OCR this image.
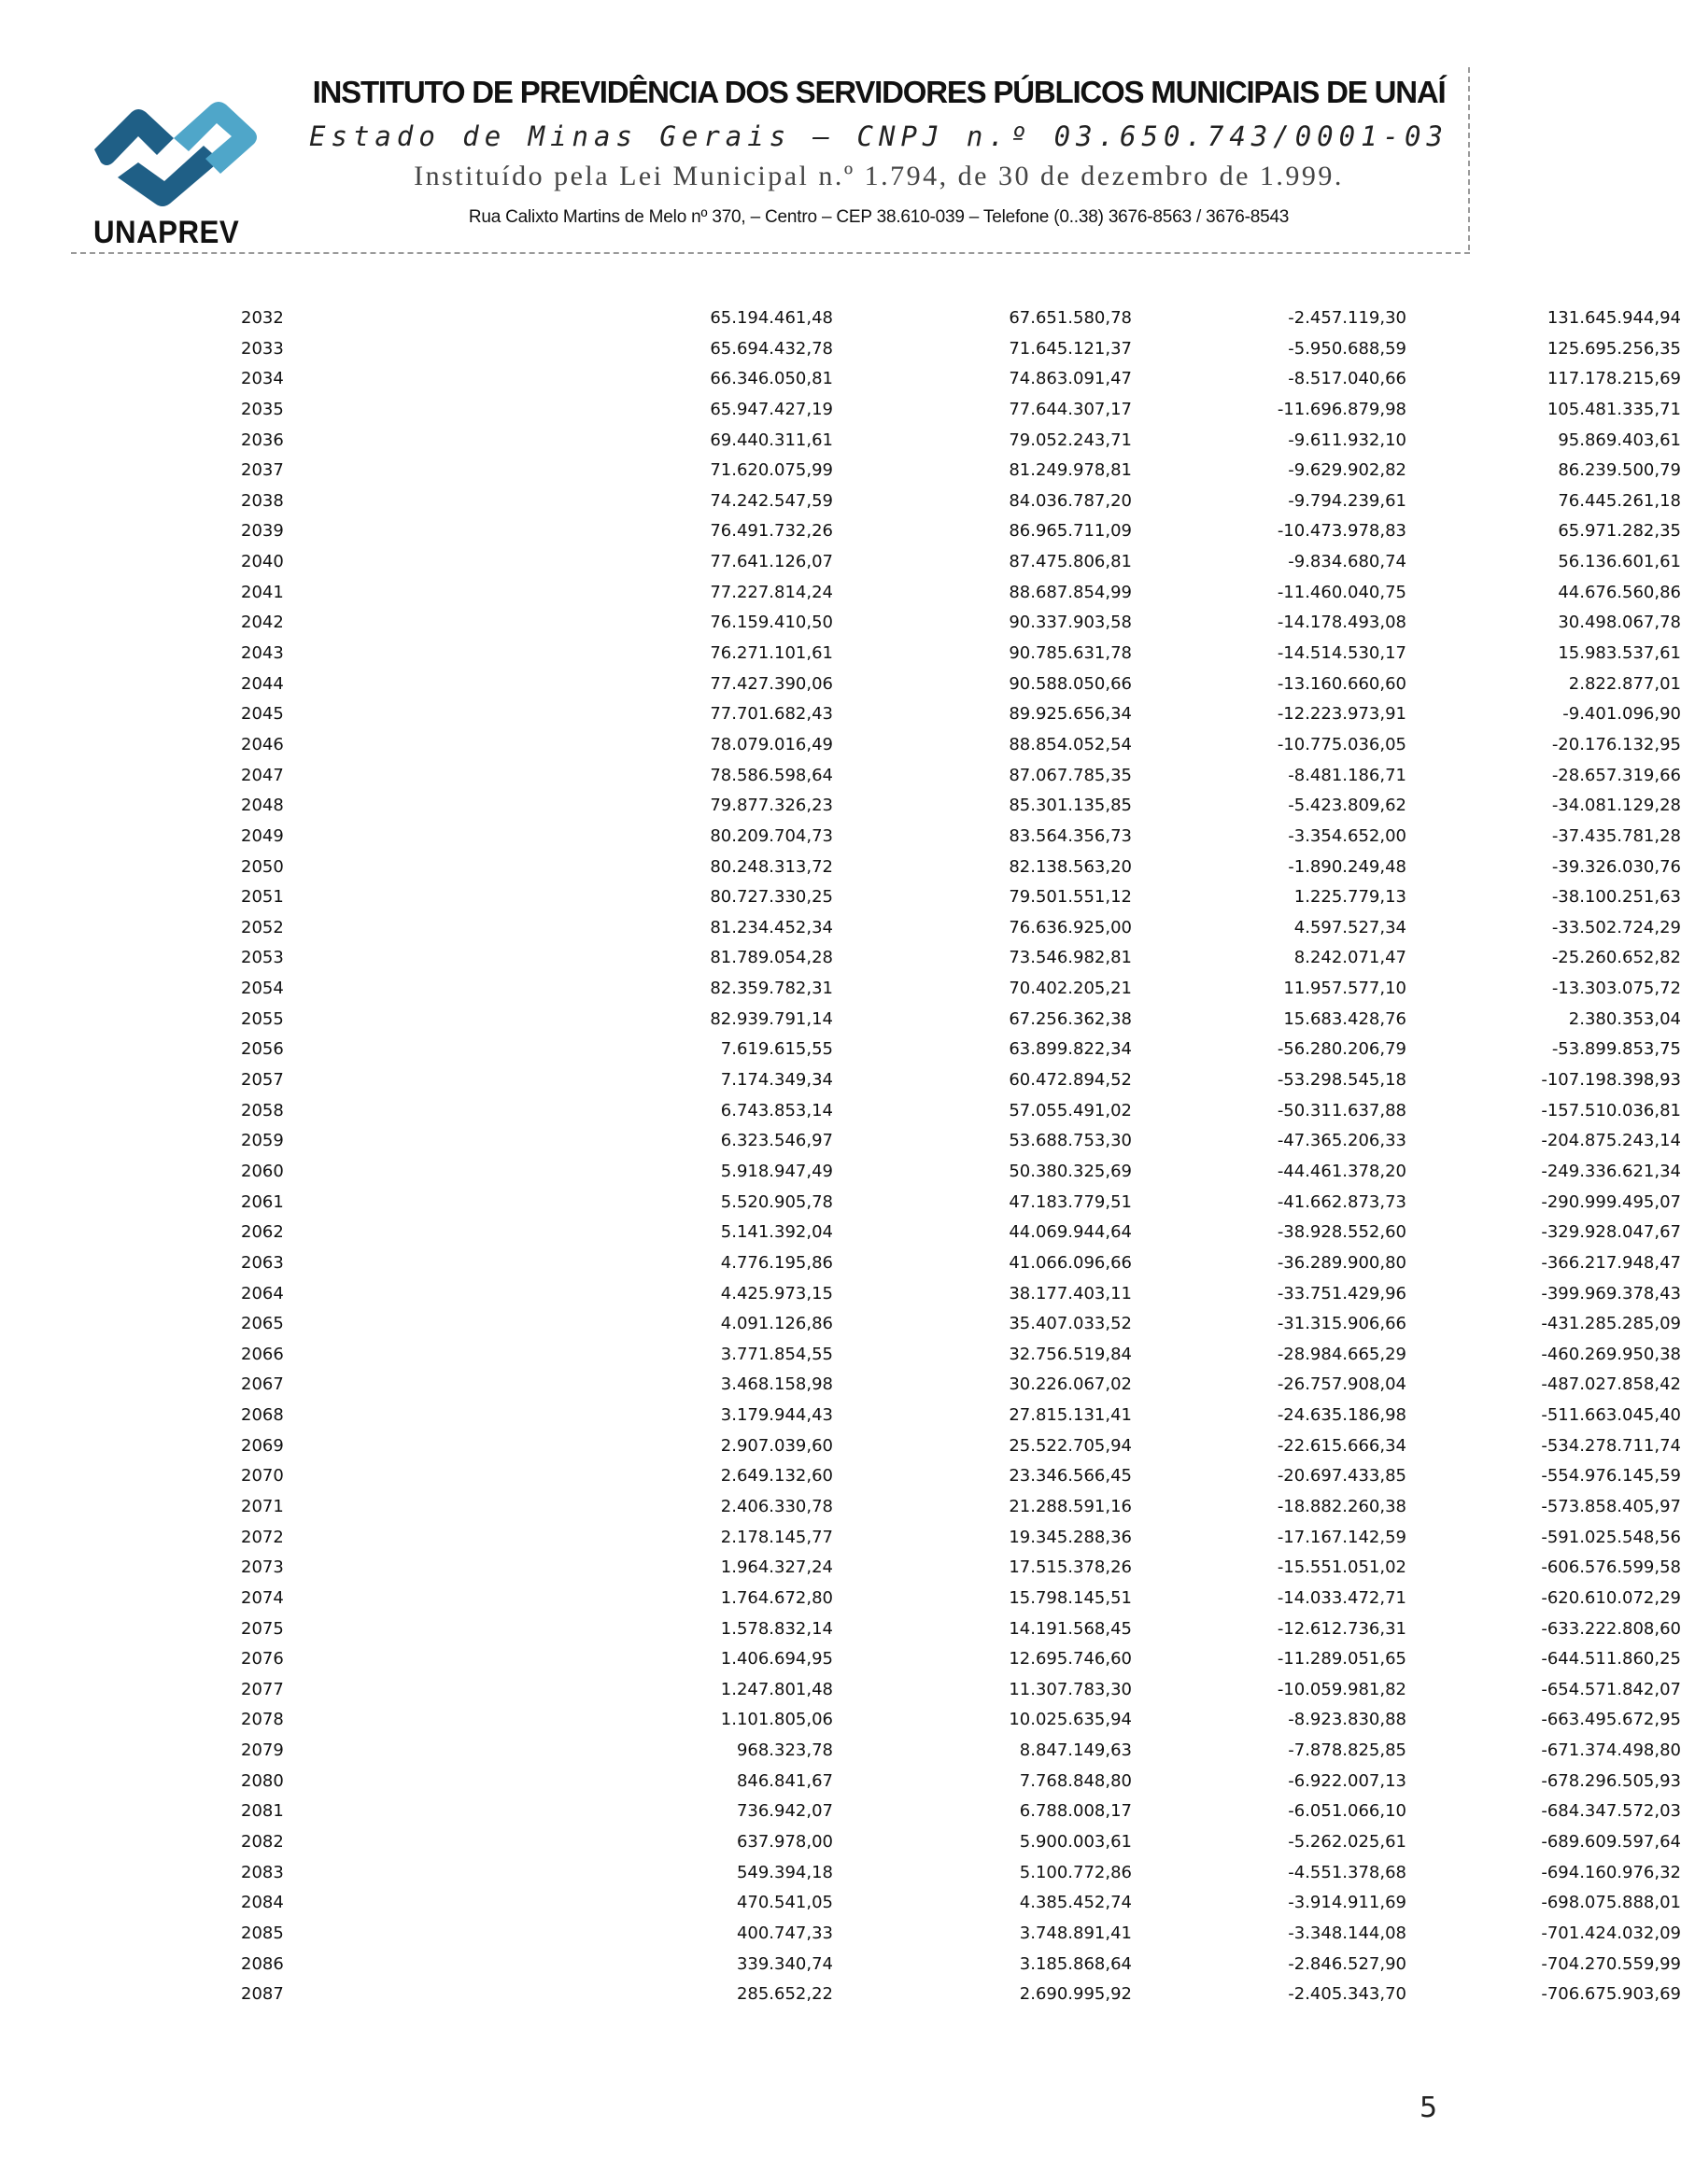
UNAPREV
INSTITUTO DE PREVIDÊNCIA DOS SERVIDORES PÚBLICOS MUNICIPAIS DE UNAÍ
Estado de Minas Gerais – CNPJ n.º 03.650.743/0001-03
Instituído pela Lei Municipal n.º 1.794, de 30 de dezembro de 1.999.
Rua Calixto Martins de Melo nº 370, – Centro – CEP 38.610-039 – Telefone (0..38) 3676-8563 / 3676-8543
2032	65.194.461,48	67.651.580,78	-2.457.119,30	131.645.944,94
2033	65.694.432,78	71.645.121,37	-5.950.688,59	125.695.256,35
2034	66.346.050,81	74.863.091,47	-8.517.040,66	117.178.215,69
2035	65.947.427,19	77.644.307,17	-11.696.879,98	105.481.335,71
2036	69.440.311,61	79.052.243,71	-9.611.932,10	95.869.403,61
2037	71.620.075,99	81.249.978,81	-9.629.902,82	86.239.500,79
2038	74.242.547,59	84.036.787,20	-9.794.239,61	76.445.261,18
2039	76.491.732,26	86.965.711,09	-10.473.978,83	65.971.282,35
2040	77.641.126,07	87.475.806,81	-9.834.680,74	56.136.601,61
2041	77.227.814,24	88.687.854,99	-11.460.040,75	44.676.560,86
2042	76.159.410,50	90.337.903,58	-14.178.493,08	30.498.067,78
2043	76.271.101,61	90.785.631,78	-14.514.530,17	15.983.537,61
2044	77.427.390,06	90.588.050,66	-13.160.660,60	2.822.877,01
2045	77.701.682,43	89.925.656,34	-12.223.973,91	-9.401.096,90
2046	78.079.016,49	88.854.052,54	-10.775.036,05	-20.176.132,95
2047	78.586.598,64	87.067.785,35	-8.481.186,71	-28.657.319,66
2048	79.877.326,23	85.301.135,85	-5.423.809,62	-34.081.129,28
2049	80.209.704,73	83.564.356,73	-3.354.652,00	-37.435.781,28
2050	80.248.313,72	82.138.563,20	-1.890.249,48	-39.326.030,76
2051	80.727.330,25	79.501.551,12	1.225.779,13	-38.100.251,63
2052	81.234.452,34	76.636.925,00	4.597.527,34	-33.502.724,29
2053	81.789.054,28	73.546.982,81	8.242.071,47	-25.260.652,82
2054	82.359.782,31	70.402.205,21	11.957.577,10	-13.303.075,72
2055	82.939.791,14	67.256.362,38	15.683.428,76	2.380.353,04
2056	7.619.615,55	63.899.822,34	-56.280.206,79	-53.899.853,75
2057	7.174.349,34	60.472.894,52	-53.298.545,18	-107.198.398,93
2058	6.743.853,14	57.055.491,02	-50.311.637,88	-157.510.036,81
2059	6.323.546,97	53.688.753,30	-47.365.206,33	-204.875.243,14
2060	5.918.947,49	50.380.325,69	-44.461.378,20	-249.336.621,34
2061	5.520.905,78	47.183.779,51	-41.662.873,73	-290.999.495,07
2062	5.141.392,04	44.069.944,64	-38.928.552,60	-329.928.047,67
2063	4.776.195,86	41.066.096,66	-36.289.900,80	-366.217.948,47
2064	4.425.973,15	38.177.403,11	-33.751.429,96	-399.969.378,43
2065	4.091.126,86	35.407.033,52	-31.315.906,66	-431.285.285,09
2066	3.771.854,55	32.756.519,84	-28.984.665,29	-460.269.950,38
2067	3.468.158,98	30.226.067,02	-26.757.908,04	-487.027.858,42
2068	3.179.944,43	27.815.131,41	-24.635.186,98	-511.663.045,40
2069	2.907.039,60	25.522.705,94	-22.615.666,34	-534.278.711,74
2070	2.649.132,60	23.346.566,45	-20.697.433,85	-554.976.145,59
2071	2.406.330,78	21.288.591,16	-18.882.260,38	-573.858.405,97
2072	2.178.145,77	19.345.288,36	-17.167.142,59	-591.025.548,56
2073	1.964.327,24	17.515.378,26	-15.551.051,02	-606.576.599,58
2074	1.764.672,80	15.798.145,51	-14.033.472,71	-620.610.072,29
2075	1.578.832,14	14.191.568,45	-12.612.736,31	-633.222.808,60
2076	1.406.694,95	12.695.746,60	-11.289.051,65	-644.511.860,25
2077	1.247.801,48	11.307.783,30	-10.059.981,82	-654.571.842,07
2078	1.101.805,06	10.025.635,94	-8.923.830,88	-663.495.672,95
2079	968.323,78	8.847.149,63	-7.878.825,85	-671.374.498,80
2080	846.841,67	7.768.848,80	-6.922.007,13	-678.296.505,93
2081	736.942,07	6.788.008,17	-6.051.066,10	-684.347.572,03
2082	637.978,00	5.900.003,61	-5.262.025,61	-689.609.597,64
2083	549.394,18	5.100.772,86	-4.551.378,68	-694.160.976,32
2084	470.541,05	4.385.452,74	-3.914.911,69	-698.075.888,01
2085	400.747,33	3.748.891,41	-3.348.144,08	-701.424.032,09
2086	339.340,74	3.185.868,64	-2.846.527,90	-704.270.559,99
2087	285.652,22	2.690.995,92	-2.405.343,70	-706.675.903,69
5
